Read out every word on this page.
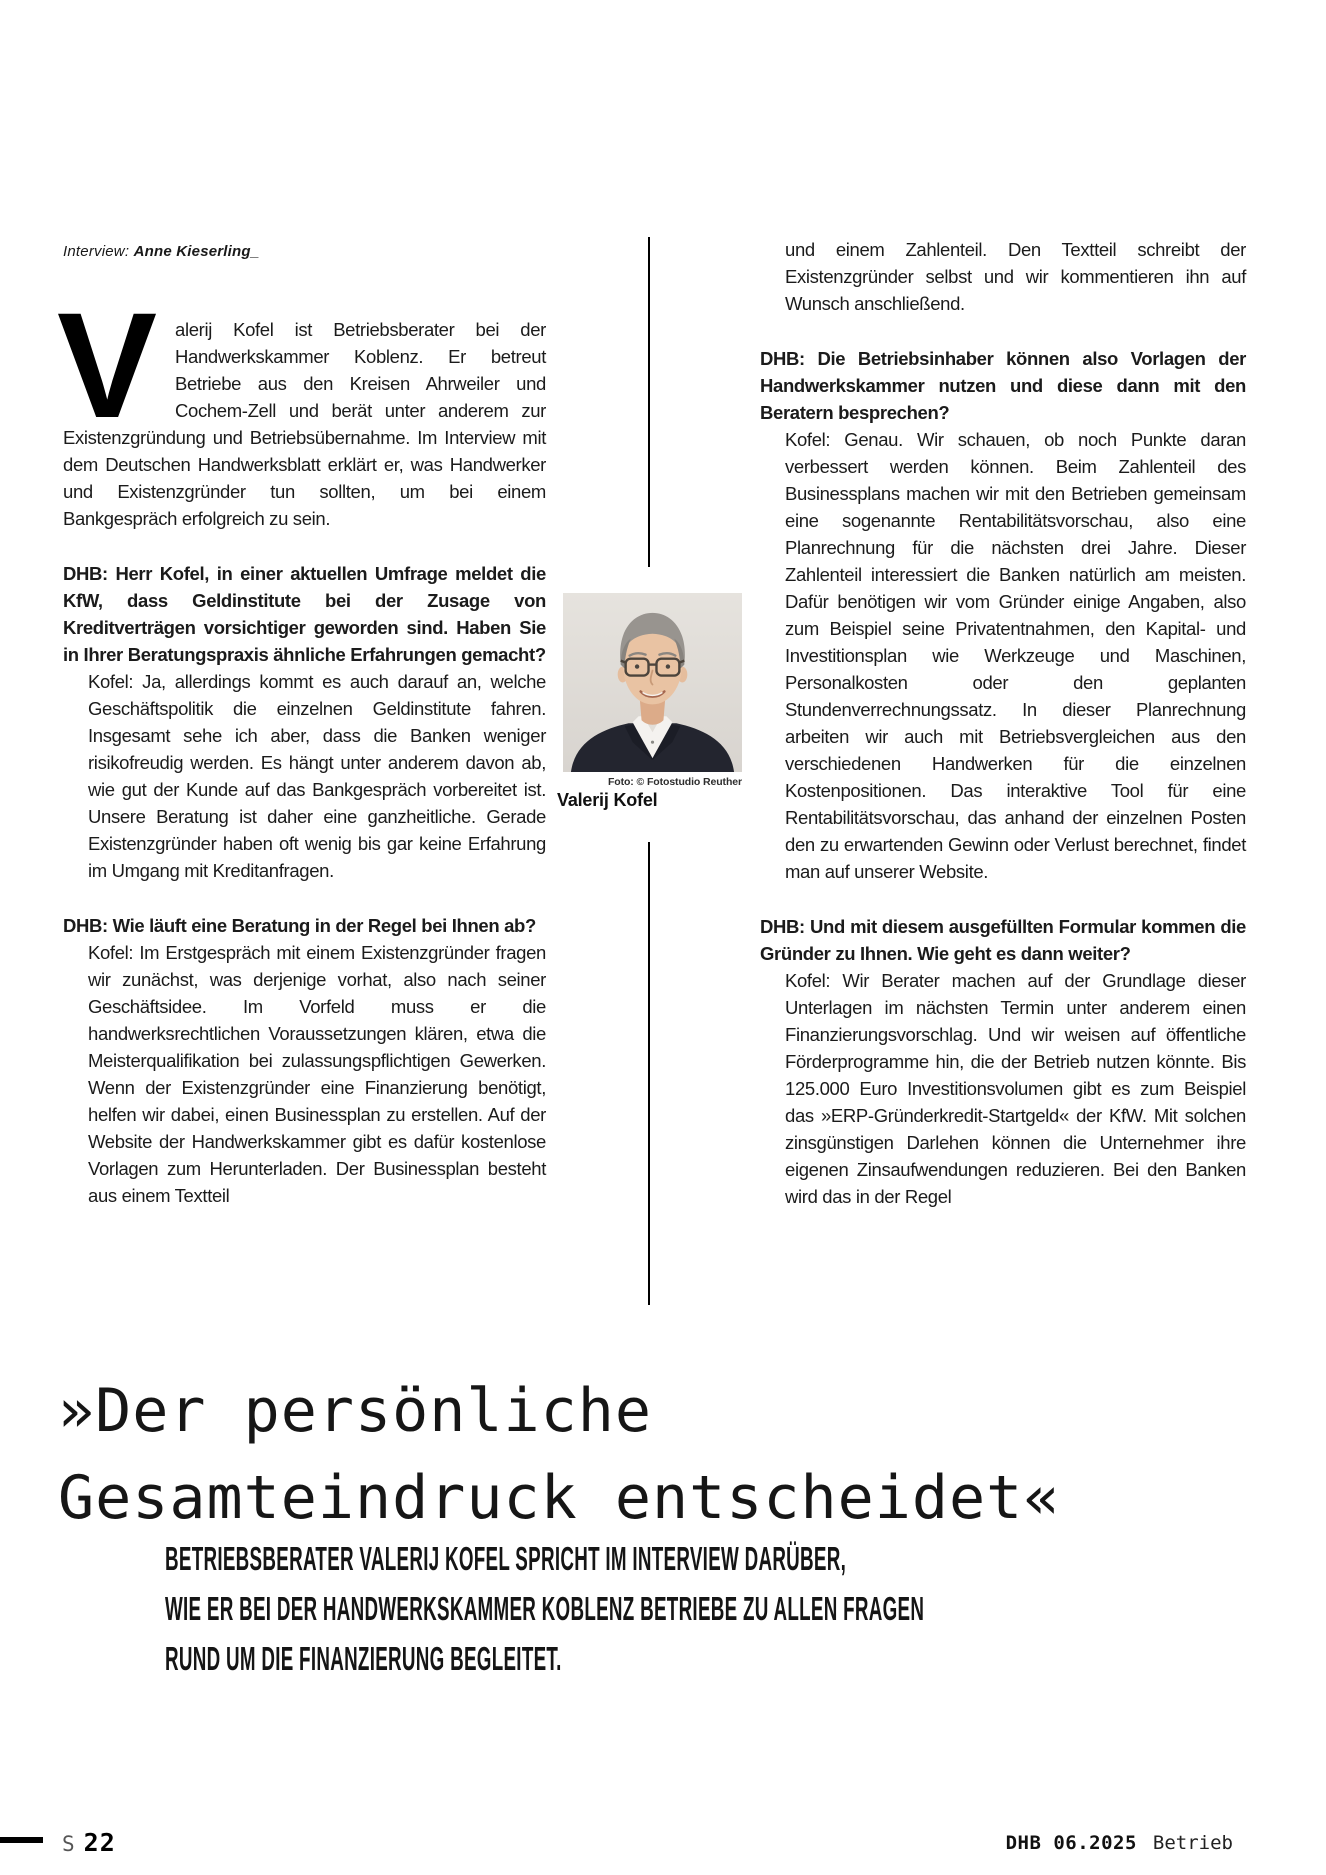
Interview: Anne Kieserling_

V alerij Kofel ist Betriebsberater bei der Handwerkskammer Koblenz. Er betreut Betriebe aus den Kreisen Ahrweiler und Cochem-Zell und berät unter anderem zur Existenzgründung und Betriebsübernahme. Im Interview mit dem Deutschen Handwerksblatt erklärt er, was Handwerker und Existenzgründer tun sollten, um bei einem Bankgespräch erfolgreich zu sein.

DHB: Herr Kofel, in einer aktuellen Umfrage meldet die KfW, dass Geldinstitute bei der Zusage von Kreditverträgen vorsichtiger geworden sind. Haben Sie in Ihrer Beratungspraxis ähnliche Erfahrungen gemacht?

Kofel: Ja, allerdings kommt es auch darauf an, welche Geschäftspolitik die einzelnen Geldinstitute fahren. Insgesamt sehe ich aber, dass die Banken weniger risikofreudig werden. Es hängt unter anderem davon ab, wie gut der Kunde auf das Bankgespräch vorbereitet ist. Unsere Beratung ist daher eine ganzheitliche. Gerade Existenzgründer haben oft wenig bis gar keine Erfahrung im Umgang mit Kreditanfragen.

DHB: Wie läuft eine Beratung in der Regel bei Ihnen ab?

Kofel: Im Erstgespräch mit einem Existenzgründer fragen wir zunächst, was derjenige vorhat, also nach seiner Geschäftsidee. Im Vorfeld muss er die handwerksrechtlichen Voraussetzungen klären, etwa die Meisterqualifikation bei zulassungspflichtigen Gewerken. Wenn der Existenzgründer eine Finanzierung benötigt, helfen wir dabei, einen Businessplan zu erstellen. Auf der Website der Handwerkskammer gibt es dafür kostenlose Vorlagen zum Herunterladen. Der Businessplan besteht aus einem Textteil

Foto: © Fotostudio Reuther
Valerij Kofel

und einem Zahlenteil. Den Textteil schreibt der Existenzgründer selbst und wir kommentieren ihn auf Wunsch anschließend.

DHB: Die Betriebsinhaber können also Vorlagen der Handwerkskammer nutzen und diese dann mit den Beratern besprechen?

Kofel: Genau. Wir schauen, ob noch Punkte daran verbessert werden können. Beim Zahlenteil des Businessplans machen wir mit den Betrieben gemeinsam eine sogenannte Rentabilitätsvorschau, also eine Planrechnung für die nächsten drei Jahre. Dieser Zahlenteil interessiert die Banken natürlich am meisten. Dafür benötigen wir vom Gründer einige Angaben, also zum Beispiel seine Privatentnahmen, den Kapital- und Investitionsplan wie Werkzeuge und Maschinen, Personalkosten oder den geplanten Stundenverrechnungssatz. In dieser Planrechnung arbeiten wir auch mit Betriebsvergleichen aus den verschiedenen Handwerken für die einzelnen Kostenpositionen. Das interaktive Tool für eine Rentabilitätsvorschau, das anhand der einzelnen Posten den zu erwartenden Gewinn oder Verlust berechnet, findet man auf unserer Website.

DHB: Und mit diesem ausgefüllten Formular kommen die Gründer zu Ihnen. Wie geht es dann weiter?

Kofel: Wir Berater machen auf der Grundlage dieser Unterlagen im nächsten Termin unter anderem einen Finanzierungsvorschlag. Und wir weisen auf öffentliche Förderprogramme hin, die der Betrieb nutzen könnte. Bis 125.000 Euro Investitionsvolumen gibt es zum Beispiel das »ERP-Gründerkredit-Startgeld« der KfW. Mit solchen zinsgünstigen Darlehen können die Unternehmer ihre eigenen Zinsaufwendungen reduzieren. Bei den Banken wird das in der Regel

»Der persönliche
Gesamteindruck entscheidet«
BETRIEBSBERATER VALERIJ KOFEL SPRICHT IM INTERVIEW DARÜBER,
WIE ER BEI DER HANDWERKSKAMMER KOBLENZ BETRIEBE ZU ALLEN FRAGEN
RUND UM DIE FINANZIERUNG BEGLEITET.
S 22	DHB 06.2025 Betrieb
